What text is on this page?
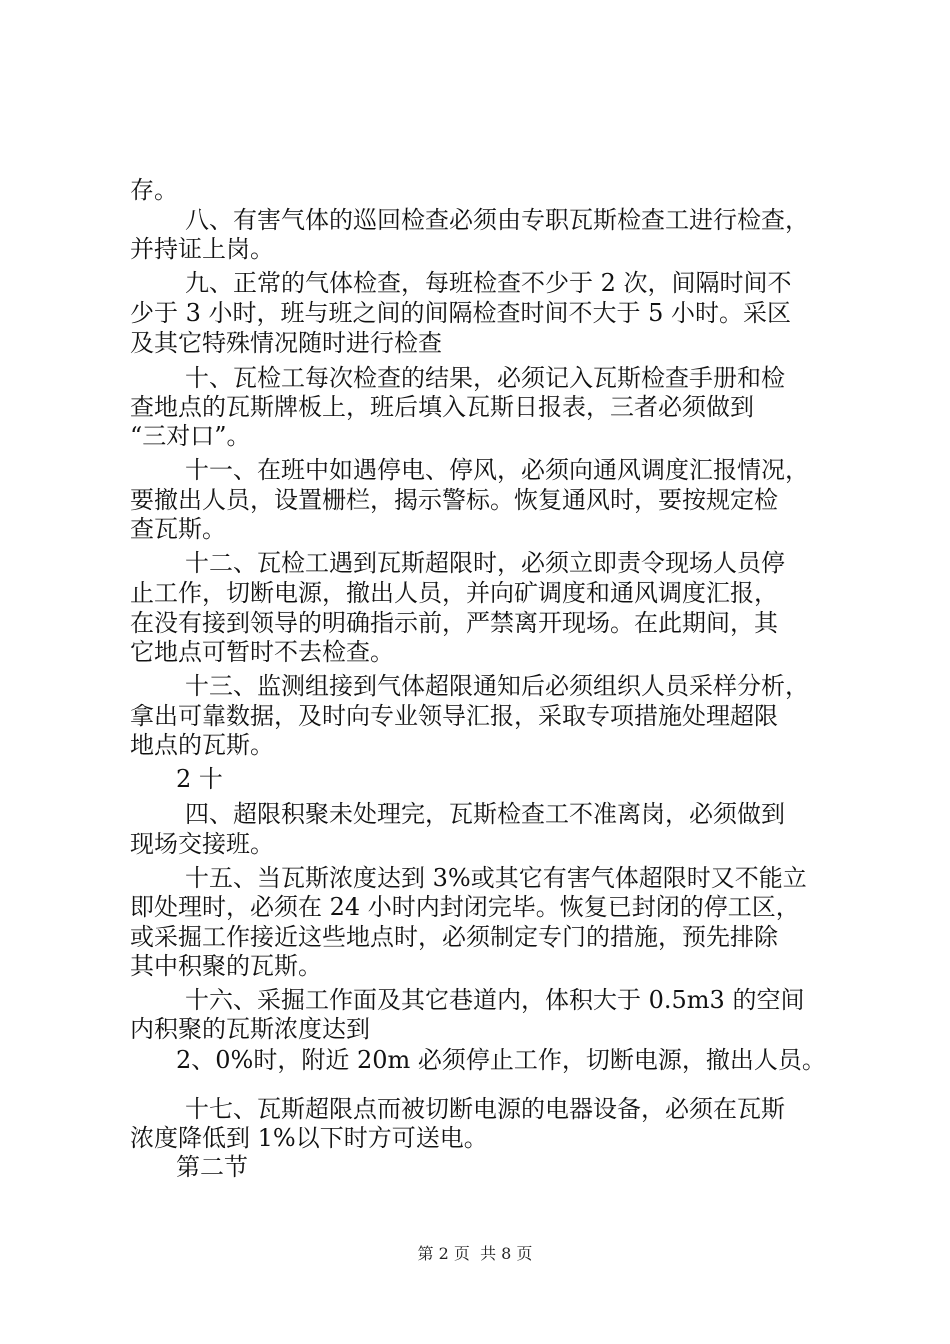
存。
八、有害气体的巡回检查必须由专职瓦斯检查工进行检查，
并持证上岗。
九、正常的气体检查，每班检查不少于 2 次，间隔时间不
少于 3 小时，班与班之间的间隔检查时间不大于 5 小时。采区
及其它特殊情况随时进行检查
十、瓦检工每次检查的结果，必须记入瓦斯检查手册和检
查地点的瓦斯牌板上，班后填入瓦斯日报表，三者必须做到
“三对口”。
十一、在班中如遇停电、停风，必须向通风调度汇报情况，
要撤出人员，设置栅栏，揭示警标。恢复通风时，要按规定检
查瓦斯。
十二、瓦检工遇到瓦斯超限时，必须立即责令现场人员停
止工作，切断电源，撤出人员，并向矿调度和通风调度汇报，
在没有接到领导的明确指示前，严禁离开现场。在此期间，其
它地点可暂时不去检查。
十三、监测组接到气体超限通知后必须组织人员采样分析，
拿出可靠数据，及时向专业领导汇报，采取专项措施处理超限
地点的瓦斯。
2 十
四、超限积聚未处理完，瓦斯检查工不准离岗，必须做到
现场交接班。
十五、当瓦斯浓度达到 3%或其它有害气体超限时又不能立
即处理时，必须在 24 小时内封闭完毕。恢复已封闭的停工区，
或采掘工作接近这些地点时，必须制定专门的措施，预先排除
其中积聚的瓦斯。
十六、采掘工作面及其它巷道内，体积大于 0.5m3 的空间
内积聚的瓦斯浓度达到
2、0%时，附近 20m 必须停止工作，切断电源，撤出人员。
十七、瓦斯超限点而被切断电源的电器设备，必须在瓦斯
浓度降低到 1%以下时方可送电。
第二节
第 2 页  共 8 页
